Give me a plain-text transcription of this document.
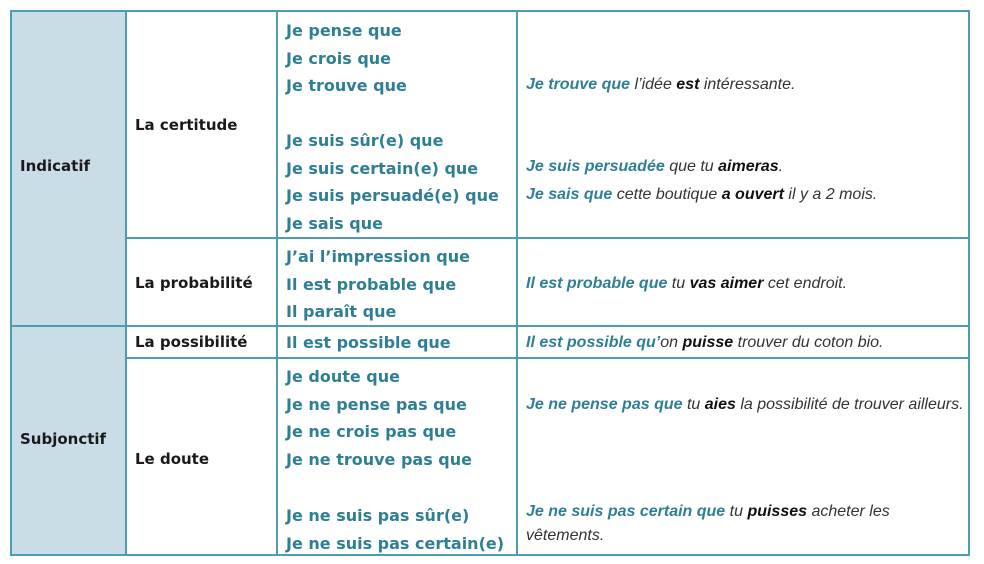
Indicatif
Subjonctif
La certitude
La probabilité
La possibilité
Le doute
Je pense que
Je crois que
Je trouve que
Je suis sûr(e) que
Je suis certain(e) que
Je suis persuadé(e) que
Je sais que
J’ai l’impression que
Il est probable que
Il paraît que
Il est possible que
Je doute que
Je ne pense pas que
Je ne crois pas que
Je ne trouve pas que
Je ne suis pas sûr(e)
Je ne suis pas certain(e)
Je trouve que l’idée est intéressante.
Je suis persuadée que tu aimeras.
Je sais que cette boutique a ouvert il y a 2 mois.
Il est probable que tu vas aimer cet endroit.
Il est possible qu’on puisse trouver du coton bio.
Je ne pense pas que tu aies la possibilité de trouver ailleurs.
Je ne suis pas certain que tu puisses acheter les vêtements.
